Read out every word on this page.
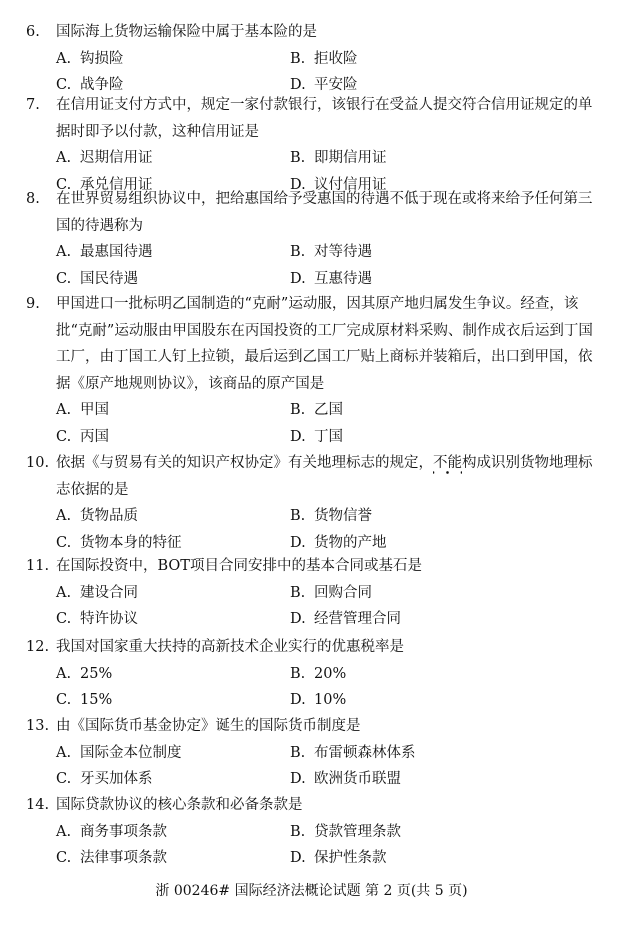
6. 国际海上货物运输保险中属于基本险的是
A. 钩损险	B. 拒收险
C. 战争险	D. 平安险
7. 在信用证支付方式中，规定一家付款银行，该银行在受益人提交符合信用证规定的单据时即予以付款，这种信用证是
A. 迟期信用证	B. 即期信用证
C. 承兑信用证	D. 议付信用证
8. 在世界贸易组织协议中，把给惠国给予受惠国的待遇不低于现在或将来给予任何第三国的待遇称为
A. 最惠国待遇	B. 对等待遇
C. 国民待遇	D. 互惠待遇
9. 甲国进口一批标明乙国制造的“克耐”运动服，因其原产地归属发生争议。经查，该批“克耐”运动服由甲国股东在丙国投资的工厂完成原材料采购、制作成衣后运到丁国工厂，由丁国工人钉上拉锁，最后运到乙国工厂贴上商标并装箱后，出口到甲国，依据《原产地规则协议》，该商品的原产国是
A. 甲国	B. 乙国
C. 丙国	D. 丁国
10. 依据《与贸易有关的知识产权协定》有关地理标志的规定，不能构成识别货物地理标志依据的是
A. 货物品质	B. 货物信誉
C. 货物本身的特征	D. 货物的产地
11. 在国际投资中，BOT项目合同安排中的基本合同或基石是
A. 建设合同	B. 回购合同
C. 特许协议	D. 经营管理合同
12. 我国对国家重大扶持的高新技术企业实行的优惠税率是
A. 25%	B. 20%
C. 15%	D. 10%
13. 由《国际货币基金协定》诞生的国际货币制度是
A. 国际金本位制度	B. 布雷顿森林体系
C. 牙买加体系	D. 欧洲货币联盟
14. 国际贷款协议的核心条款和必备条款是
A. 商务事项条款	B. 贷款管理条款
C. 法律事项条款	D. 保护性条款
浙 00246# 国际经济法概论试题 第 2 页(共 5 页)
